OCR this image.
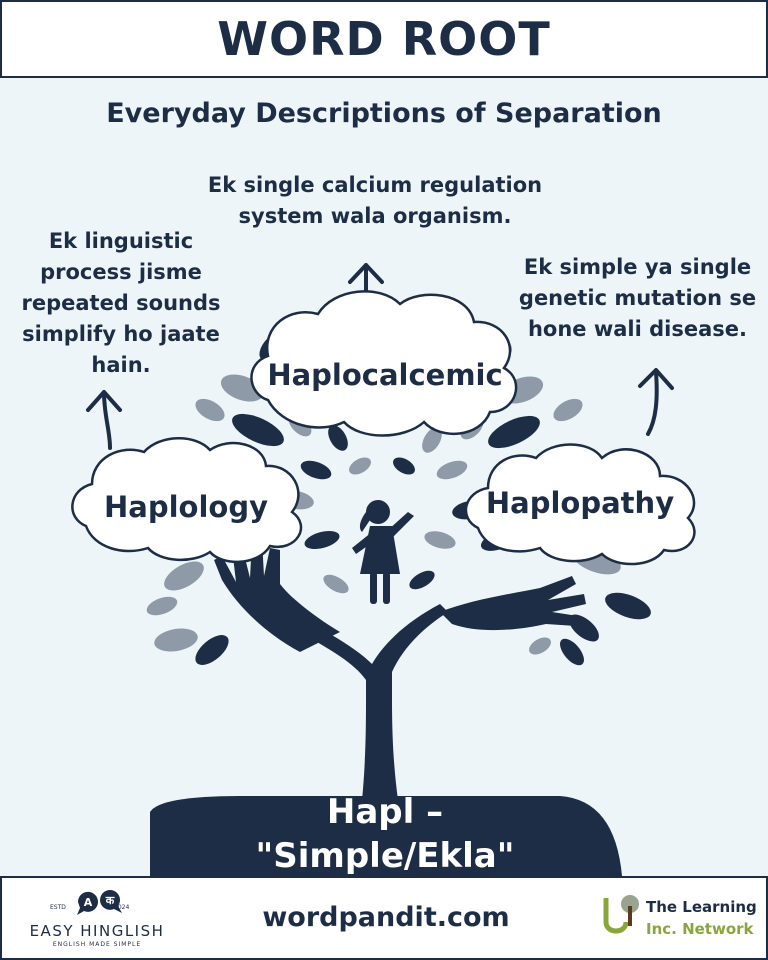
WORD ROOT
Everyday Descriptions of Separation
Ek single calcium regulation system wala organism.
Ek linguistic process jisme repeated sounds simplify ho jaate hain.
Ek simple ya single genetic mutation se hone wali disease.
Haplocalcemic
Haplology	Haplopathy
Hapl –
"Simple/Ekla"
A क
ESTD	2024
EASY HINGLISH
ENGLISH MADE SIMPLE
wordpandit.com	The Learning
Inc. Network
